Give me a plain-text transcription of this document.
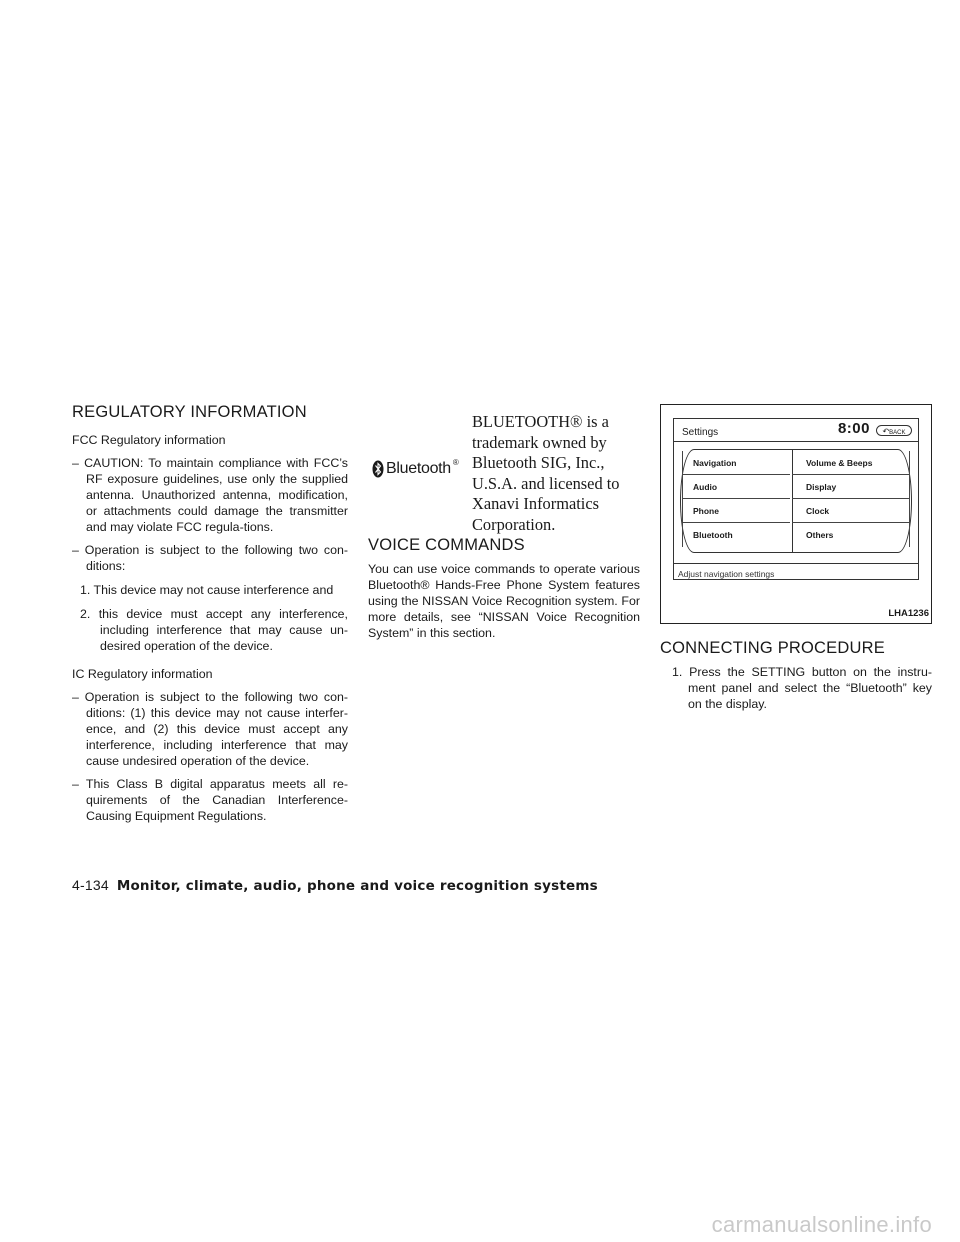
REGULATORY INFORMATION

FCC Regulatory information

– CAUTION: To maintain compliance with FCC’s RF exposure guidelines, use only the supplied antenna. Unauthorized antenna, modification, or attachments could damage the transmitter and may violate FCC regula-tions.

– Operation is subject to the following two con-ditions:

1. This device may not cause interference and

2. this device must accept any interference, including interference that may cause un-desired operation of the device.

IC Regulatory information

– Operation is subject to the following two con-ditions: (1) this device may not cause interfer-ence, and (2) this device must accept any interference, including interference that may cause undesired operation of the device.

– This Class B digital apparatus meets all re-quirements of the Canadian Interference-Causing Equipment Regulations.

Bluetooth ®
BLUETOOTH® is a trademark owned by Bluetooth SIG, Inc., U.S.A. and licensed to Xanavi Informatics Corporation.
VOICE COMMANDS

You can use voice commands to operate various Bluetooth® Hands-Free Phone System features using the NISSAN Voice Recognition system. For more details, see “NISSAN Voice Recognition System” in this section.

Settings	8:00	↶BACK
Navigation
Audio
Phone
Bluetooth
Volume & Beeps
Display
Clock
Others
Adjust navigation settings
LHA1236
CONNECTING PROCEDURE

1. Press the SETTING button on the instru-ment panel and select the “Bluetooth” key on the display.

4-134 Monitor, climate, audio, phone and voice recognition systems
carmanualsonline.info
